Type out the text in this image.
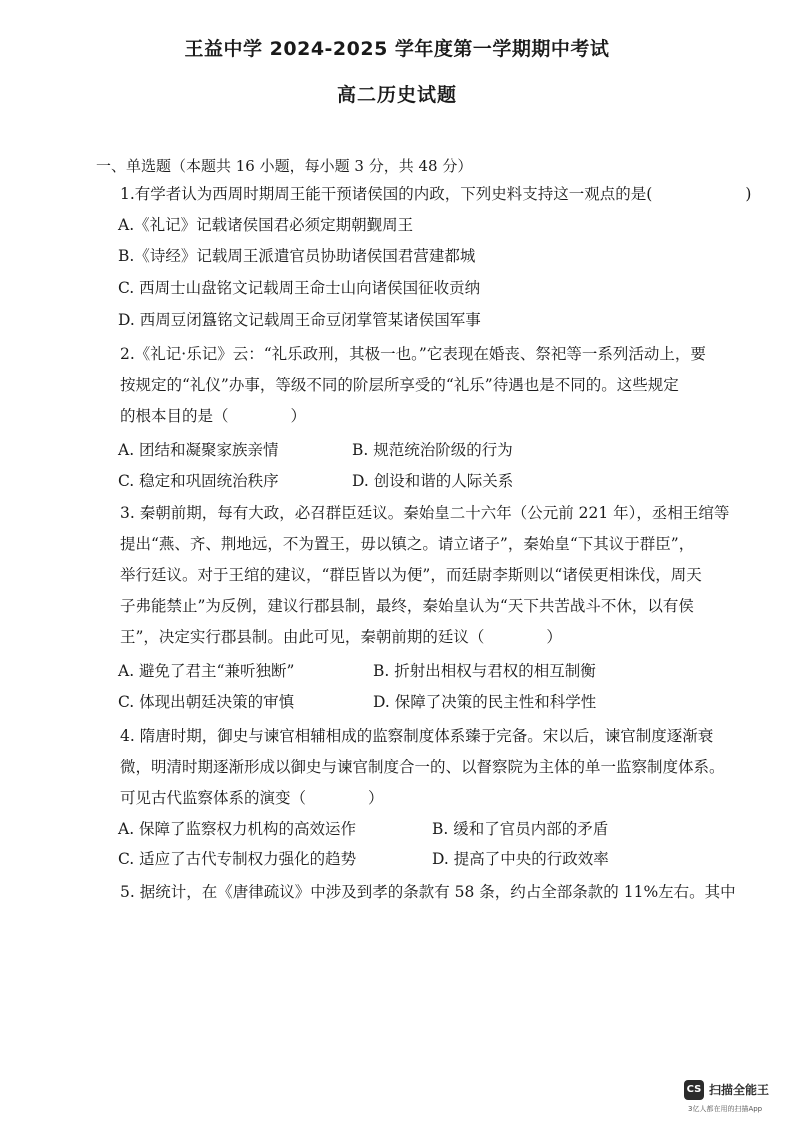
王益中学 2024-2025 学年度第一学期期中考试
高二历史试题
一、单选题（本题共 16 小题，每小题 3 分，共 48 分）
1.有学者认为西周时期周王能干预诸侯国的内政，下列史料支持这一观点的是(　　　　　　)
A.《礼记》记载诸侯国君必须定期朝觐周王
B.《诗经》记载周王派遣官员协助诸侯国君营建都城
C. 西周士山盘铭文记载周王命士山向诸侯国征收贡纳
D. 西周豆闭簋铭文记载周王命豆闭掌管某诸侯国军事
2.《礼记·乐记》云：“礼乐政刑，其极一也。”它表现在婚丧、祭祀等一系列活动上，要
按规定的“礼仪”办事，等级不同的阶层所享受的“礼乐”待遇也是不同的。这些规定
的根本目的是（　　　　）
A. 团结和凝聚家族亲情	B. 规范统治阶级的行为
C. 稳定和巩固统治秩序	D. 创设和谐的人际关系
3. 秦朝前期，每有大政，必召群臣廷议。秦始皇二十六年（公元前 221 年），丞相王绾等
提出“燕、齐、荆地远，不为置王，毋以镇之。请立诸子”，秦始皇“下其议于群臣”，
举行廷议。对于王绾的建议，“群臣皆以为便”，而廷尉李斯则以“诸侯更相诛伐，周天
子弗能禁止”为反例，建议行郡县制，最终，秦始皇认为“天下共苦战斗不休，以有侯
王”，决定实行郡县制。由此可见，秦朝前期的廷议（　　　　）
A. 避免了君主“兼听独断”	B. 折射出相权与君权的相互制衡
C. 体现出朝廷决策的审慎	D. 保障了决策的民主性和科学性
4. 隋唐时期，御史与谏官相辅相成的监察制度体系臻于完备。宋以后，谏官制度逐渐衰
微，明清时期逐渐形成以御史与谏官制度合一的、以督察院为主体的单一监察制度体系。
可见古代监察体系的演变（　　　　）
A. 保障了监察权力机构的高效运作	B. 缓和了官员内部的矛盾
C. 适应了古代专制权力强化的趋势	D. 提高了中央的行政效率
5. 据统计，在《唐律疏议》中涉及到孝的条款有 58 条，约占全部条款的 11%左右。其中
CS 扫描全能王
3亿人都在用的扫描App
